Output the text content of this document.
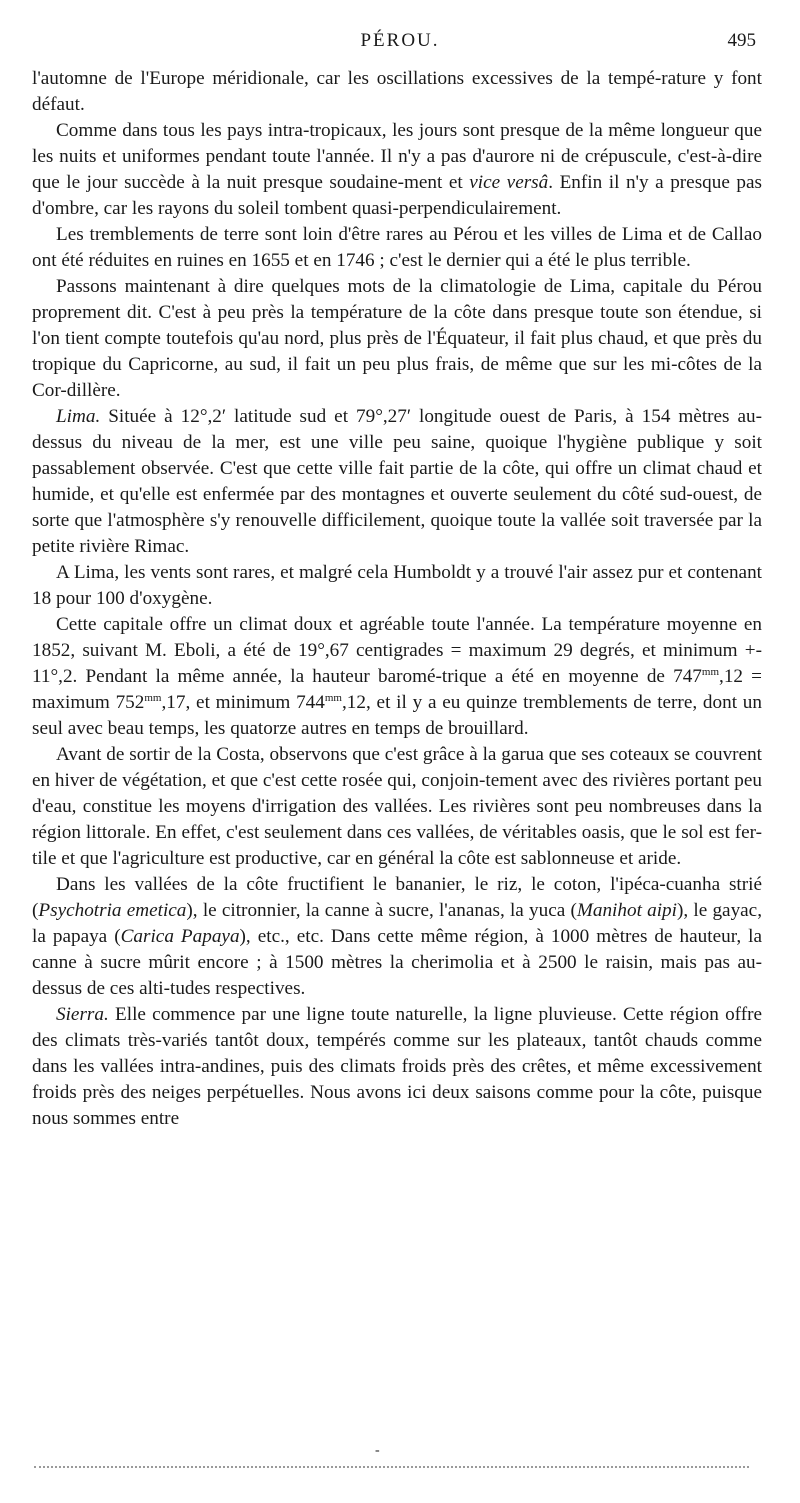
PÉROU.	495

l'automne de l'Europe méridionale, car les oscillations excessives de la tempé-rature y font défaut.

Comme dans tous les pays intra-tropicaux, les jours sont presque de la même longueur que les nuits et uniformes pendant toute l'année. Il n'y a pas d'aurore ni de crépuscule, c'est-à-dire que le jour succède à la nuit presque soudaine-ment et vice versâ. Enfin il n'y a presque pas d'ombre, car les rayons du soleil tombent quasi-perpendiculairement.

Les tremblements de terre sont loin d'être rares au Pérou et les villes de Lima et de Callao ont été réduites en ruines en 1655 et en 1746 ; c'est le dernier qui a été le plus terrible.

Passons maintenant à dire quelques mots de la climatologie de Lima, capitale du Pérou proprement dit. C'est à peu près la température de la côte dans presque toute son étendue, si l'on tient compte toutefois qu'au nord, plus près de l'Équateur, il fait plus chaud, et que près du tropique du Capricorne, au sud, il fait un peu plus frais, de même que sur les mi-côtes de la Cor-dillère.

Lima. Située à 12°,2′ latitude sud et 79°,27′ longitude ouest de Paris, à 154 mètres au-dessus du niveau de la mer, est une ville peu saine, quoique l'hygiène publique y soit passablement observée. C'est que cette ville fait partie de la côte, qui offre un climat chaud et humide, et qu'elle est enfermée par des montagnes et ouverte seulement du côté sud-ouest, de sorte que l'atmosphère s'y renouvelle difficilement, quoique toute la vallée soit traversée par la petite rivière Rimac.

A Lima, les vents sont rares, et malgré cela Humboldt y a trouvé l'air assez pur et contenant 18 pour 100 d'oxygène.

Cette capitale offre un climat doux et agréable toute l'année. La température moyenne en 1852, suivant M. Eboli, a été de 19°,67 centigrades = maximum 29 degrés, et minimum +- 11°,2. Pendant la même année, la hauteur baromé-trique a été en moyenne de $747^{mm},12$ = maximum $752^{mm},17$, et minimum $744^{mm},12$, et il y a eu quinze tremblements de terre, dont un seul avec beau temps, les quatorze autres en temps de brouillard.

Avant de sortir de la Costa, observons que c'est grâce à la garua que ses coteaux se couvrent en hiver de végétation, et que c'est cette rosée qui, conjoin-tement avec des rivières portant peu d'eau, constitue les moyens d'irrigation des vallées. Les rivières sont peu nombreuses dans la région littorale. En effet, c'est seulement dans ces vallées, de véritables oasis, que le sol est fer-tile et que l'agriculture est productive, car en général la côte est sablonneuse et aride.

Dans les vallées de la côte fructifient le bananier, le riz, le coton, l'ipéca-cuanha strié (Psychotria emetica), le citronnier, la canne à sucre, l'ananas, la yuca (Manihot aipi), le gayac, la papaya (Carica Papaya), etc., etc. Dans cette même région, à 1000 mètres de hauteur, la canne à sucre mûrit encore ; à 1500 mètres la cherimolia et à 2500 le raisin, mais pas au-dessus de ces alti-tudes respectives.

Sierra. Elle commence par une ligne toute naturelle, la ligne pluvieuse. Cette région offre des climats très-variés tantôt doux, tempérés comme sur les plateaux, tantôt chauds comme dans les vallées intra-andines, puis des climats froids près des crêtes, et même excessivement froids près des neiges perpétuelles. Nous avons ici deux saisons comme pour la côte, puisque nous sommes entre

-
